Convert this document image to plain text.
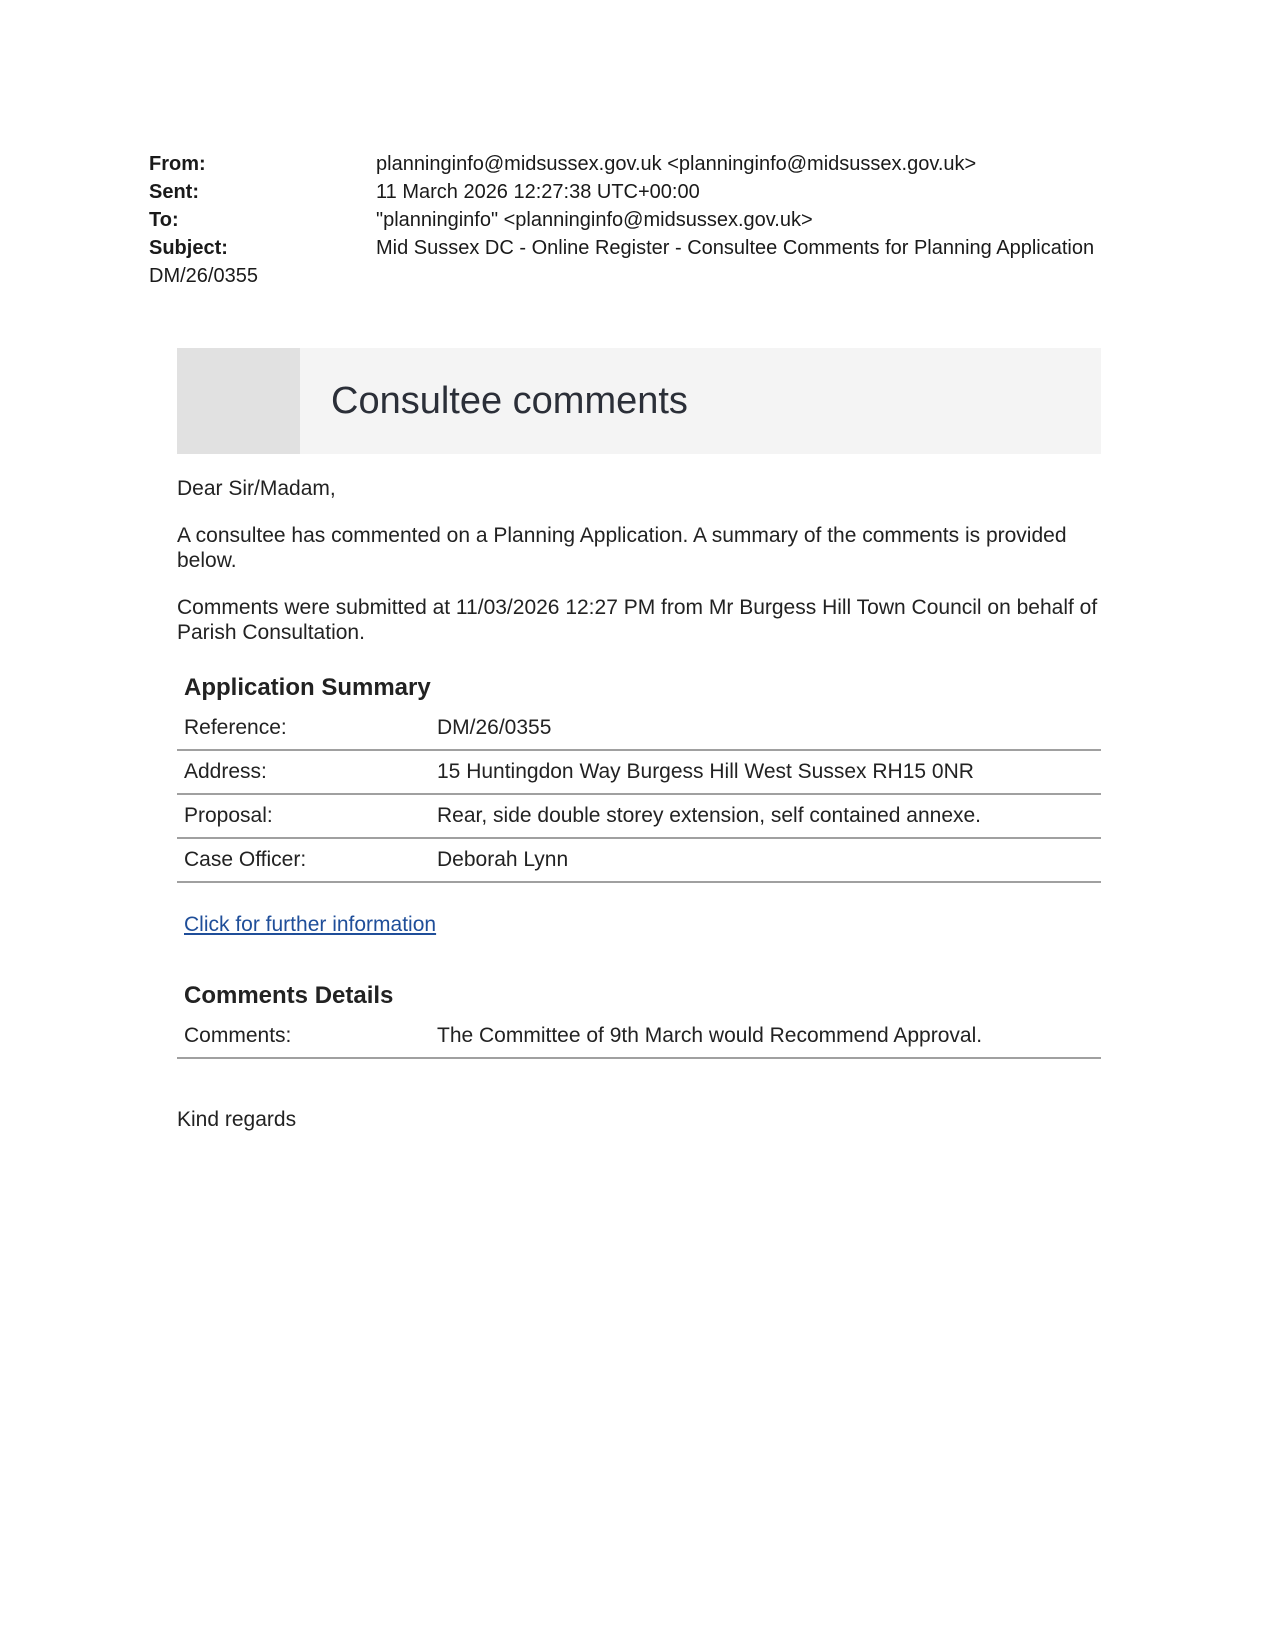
From:	planninginfo@midsussex.gov.uk <planninginfo@midsussex.gov.uk>
Sent:	11 March 2026 12:27:38 UTC+00:00
To:	"planninginfo" <planninginfo@midsussex.gov.uk>
Subject:	Mid Sussex DC - Online Register - Consultee Comments for Planning Application
DM/26/0355
Consultee comments

Dear Sir/Madam,

A consultee has commented on a Planning Application. A summary of the comments is provided below.

Comments were submitted at 11/03/2026 12:27 PM from Mr Burgess Hill Town Council on behalf of Parish Consultation.

Application Summary
Reference:	DM/26/0355
Address:	15 Huntingdon Way Burgess Hill West Sussex RH15 0NR
Proposal:	Rear, side double storey extension, self contained annexe.
Case Officer:	Deborah Lynn
Click for further information
Comments Details
Comments:	The Committee of 9th March would Recommend Approval.

Kind regards
